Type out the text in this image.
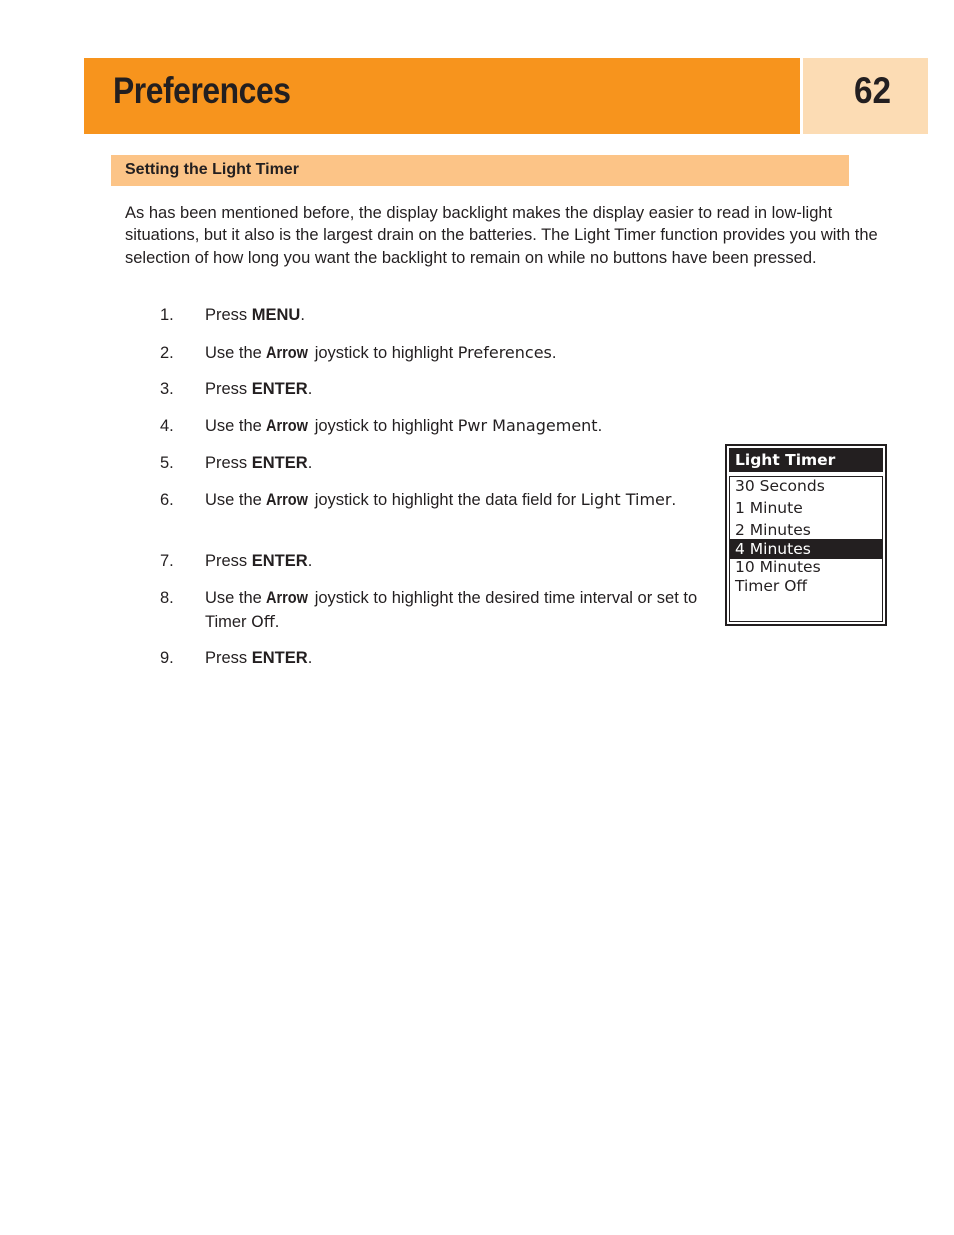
Preferences	62
Setting the Light Timer

As has been mentioned before, the display backlight makes the display easier to read in low-light situations, but it also is the largest drain on the batteries. The Light Timer function provides you with the selection of how long you want the backlight to remain on while no buttons have been pressed.

1. Press MENU.
2. Use the Arrow joystick to highlight Preferences.
3. Press ENTER.
4. Use the Arrow joystick to highlight Pwr Management.
5. Press ENTER.
6. Use the Arrow joystick to highlight the data field for Light Timer.
7. Press ENTER.
8. Use the Arrow joystick to highlight the desired time interval or set to Timer Off.
9. Press ENTER.
Light Timer
30 Seconds
1 Minute
2 Minutes
4 Minutes
10 Minutes
Timer Off
